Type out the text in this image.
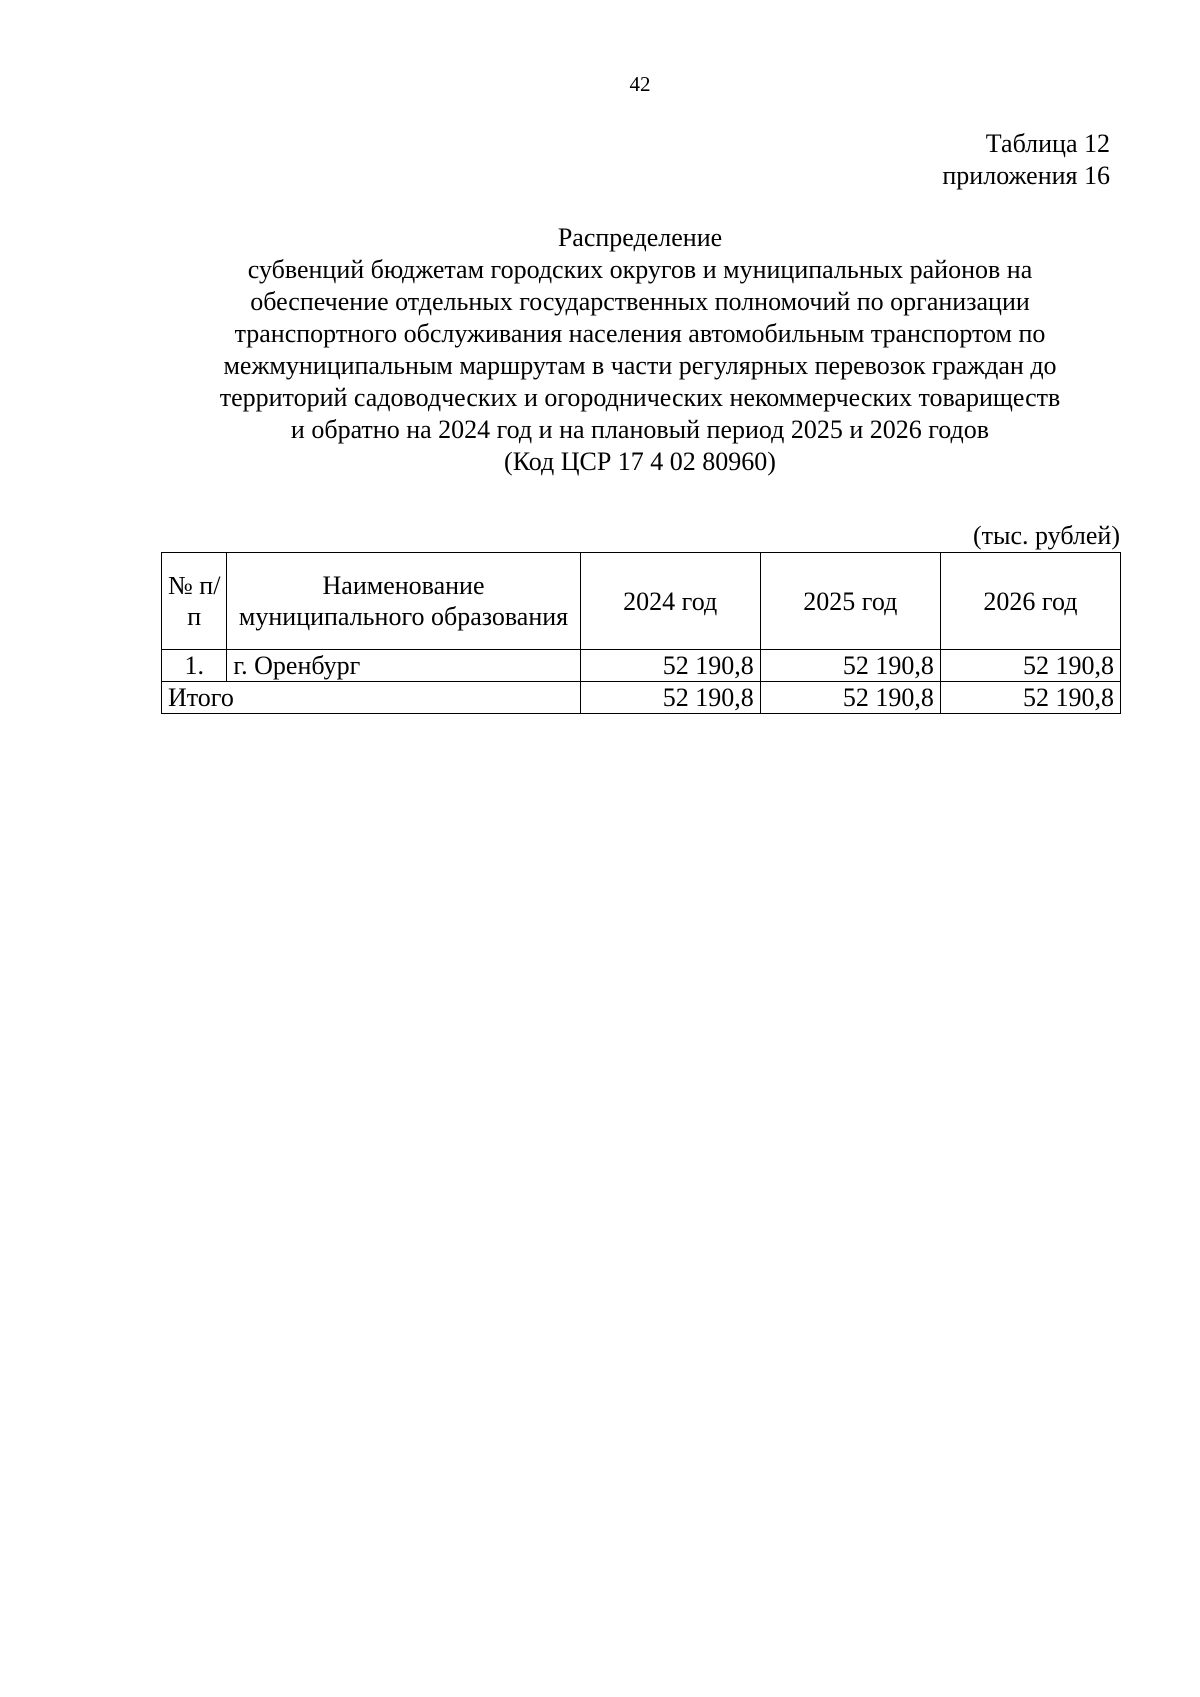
42
Таблица 12
приложения 16
Распределение
субвенций бюджетам городских округов и муниципальных районов на
обеспечение отдельных государственных полномочий по организации
транспортного обслуживания населения автомобильным транспортом по
межмуниципальным маршрутам в части регулярных перевозок граждан до
территорий садоводческих и огороднических некоммерческих товариществ
и обратно на 2024 год и на плановый период 2025 и 2026 годов
(Код ЦСР 17 4 02 80960)
(тыс. рублей)
№ п/п	Наименование муниципального образования	2024 год	2025 год	2026 год
1.	г. Оренбург	52 190,8	52 190,8	52 190,8
Итого		52 190,8	52 190,8	52 190,8
